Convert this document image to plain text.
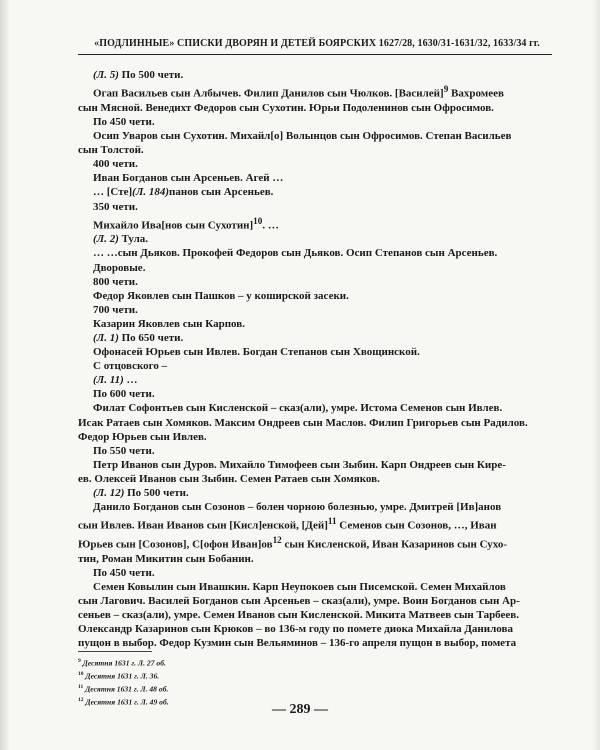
«ПОДЛИННЫЕ» СПИСКИ ДВОРЯН И ДЕТЕЙ БОЯРСКИХ 1627/28, 1630/31-1631/32, 1633/34 гг.
(Л. 5) По 500 чети.
Огап Васильев сын Албычев. Филип Данилов сын Чюлков. [Василей]$^9$ Вахромеев
сын Мясной. Венедихт Федоров сын Сухотин. Юрьи Подоленинов сын Офросимов.
По 450 чети.
Осип Уваров сын Сухотин. Михайл[о] Волынцов сын Офросимов. Степан Васильев
сын Толстой.
400 чети.
Иван Богданов сын Арсеньев. Агей …
… [Сте](Л. 184)панов сын Арсеньев.
350 чети.
Михайло Ива[нов сын Сухотин]$^{10}$. …
(Л. 2) Тула.
… …сын Дьяков. Прокофей Федоров сын Дьяков. Осип Степанов сын Арсеньев.
Дворовые.
800 чети.
Федор Яковлев сын Пашков – у коширской засеки.
700 чети.
Казарин Яковлев сын Карпов.
(Л. 1) По 650 чети.
Офонасей Юрьев сын Ивлев. Богдан Степанов сын Хвощинской.
С отцовского –
(Л. 11) …
По 600 чети.
Филат Софонтьев сын Кисленской – сказ(али), умре. Истома Семенов сын Ивлев.
Исак Ратаев сын Хомяков. Максим Ондреев сын Маслов. Филип Григорьев сын Радилов.
Федор Юрьев сын Ивлев.
По 550 чети.
Петр Иванов сын Дуров. Михайло Тимофеев сын Зыбин. Карп Ондреев сын Кире-
ев. Олексей Иванов сын Зыбин. Семен Ратаев сын Хомяков.
(Л. 12) По 500 чети.
Данило Богданов сын Созонов – болен чорною болезнью, умре. Дмитрей [Ив]анов
сын Ивлев. Иван Иванов сын [Кисл]енской, [Дей]$^{11}$ Семенов сын Созонов, …, Иван
Юрьев сын [Созонов], С[офон $Иван]ов^{12}$ сын Кисленской, Иван Казаринов сын Сухо-
тин, Роман Микитин сын Бобанин.
По 450 чети.
Семен Ковылин сын Ивашкин. Карп Неупокоев сын Писемской. Семен Михайлов
сын Лагович. Василей Богданов сын Арсеньев – сказ(али), умре. Воин Богданов сын Ар-
сеньев – сказ(али), умре. Семен Иванов сын Кисленской. Микита Матвеев сын Тарбеев.
Олександр Казаринов сын Крюков – во 136-м году по помете диока Михайла Данилова
пущон в выбор. Федор Кузмин сын Вельяминов – 136-го апреля пущон в выбор, помета
$^9$ Десятня 1631 г. Л. 27 об.
$^{10}$ Десятня 1631 г. Л. 36.
$^{11}$ Десятня 1631 г. Л. 48 об.
$^{12}$ Десятня 1631 г. Л. 49 об.	— 289 —
